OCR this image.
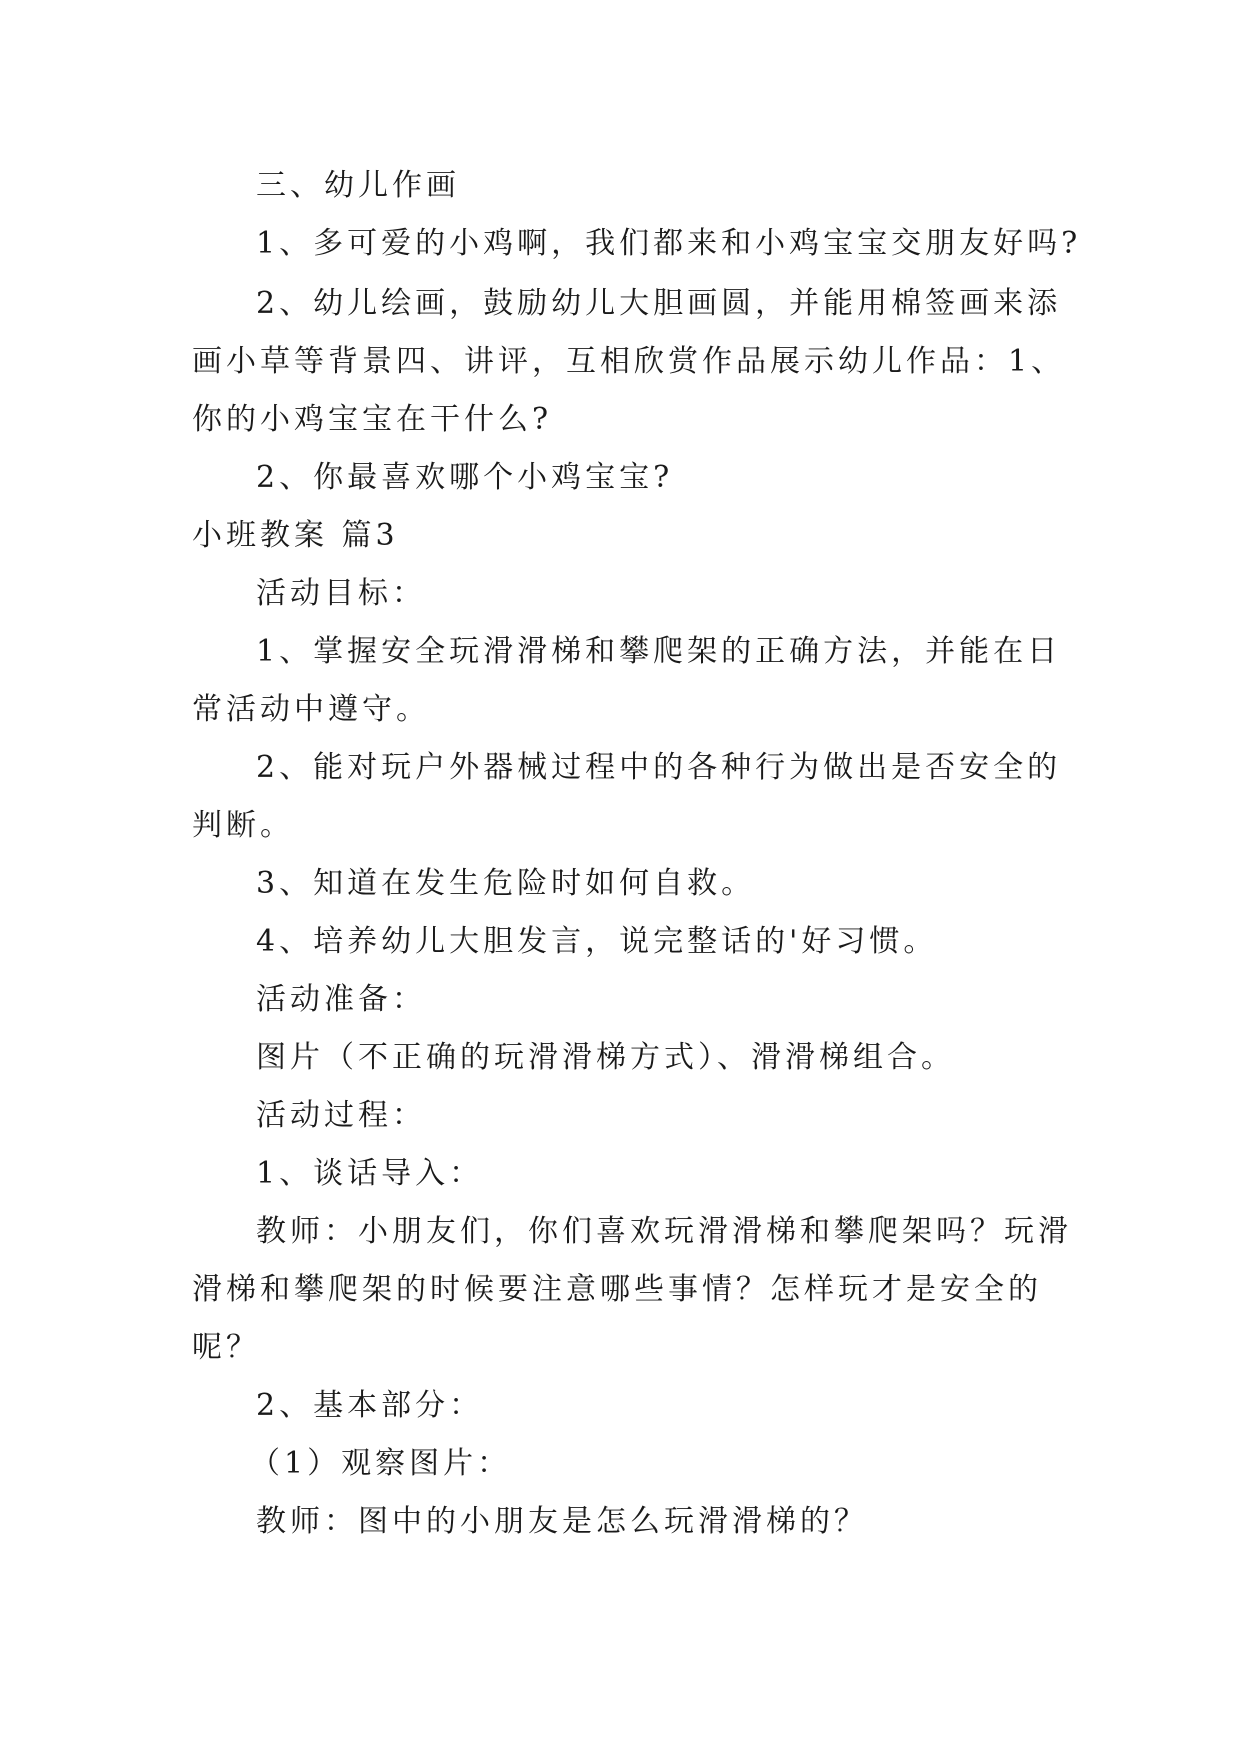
三、幼儿作画
1、多可爱的小鸡啊，我们都来和小鸡宝宝交朋友好吗?
2、幼儿绘画，鼓励幼儿大胆画圆，并能用棉签画来添
画小草等背景四、讲评，互相欣赏作品展示幼儿作品：1、
你的小鸡宝宝在干什么?
2、你最喜欢哪个小鸡宝宝?
小班教案 篇3
活动目标：
1、掌握安全玩滑滑梯和攀爬架的正确方法，并能在日
常活动中遵守。
2、能对玩户外器械过程中的各种行为做出是否安全的
判断。
3、知道在发生危险时如何自救。
4、培养幼儿大胆发言，说完整话的'好习惯。
活动准备：
图片（不正确的玩滑滑梯方式）、滑滑梯组合。
活动过程：
1、谈话导入：
教师：小朋友们，你们喜欢玩滑滑梯和攀爬架吗？玩滑
滑梯和攀爬架的时候要注意哪些事情？怎样玩才是安全的
呢？
2、基本部分：
（1）观察图片：
教师：图中的小朋友是怎么玩滑滑梯的？
